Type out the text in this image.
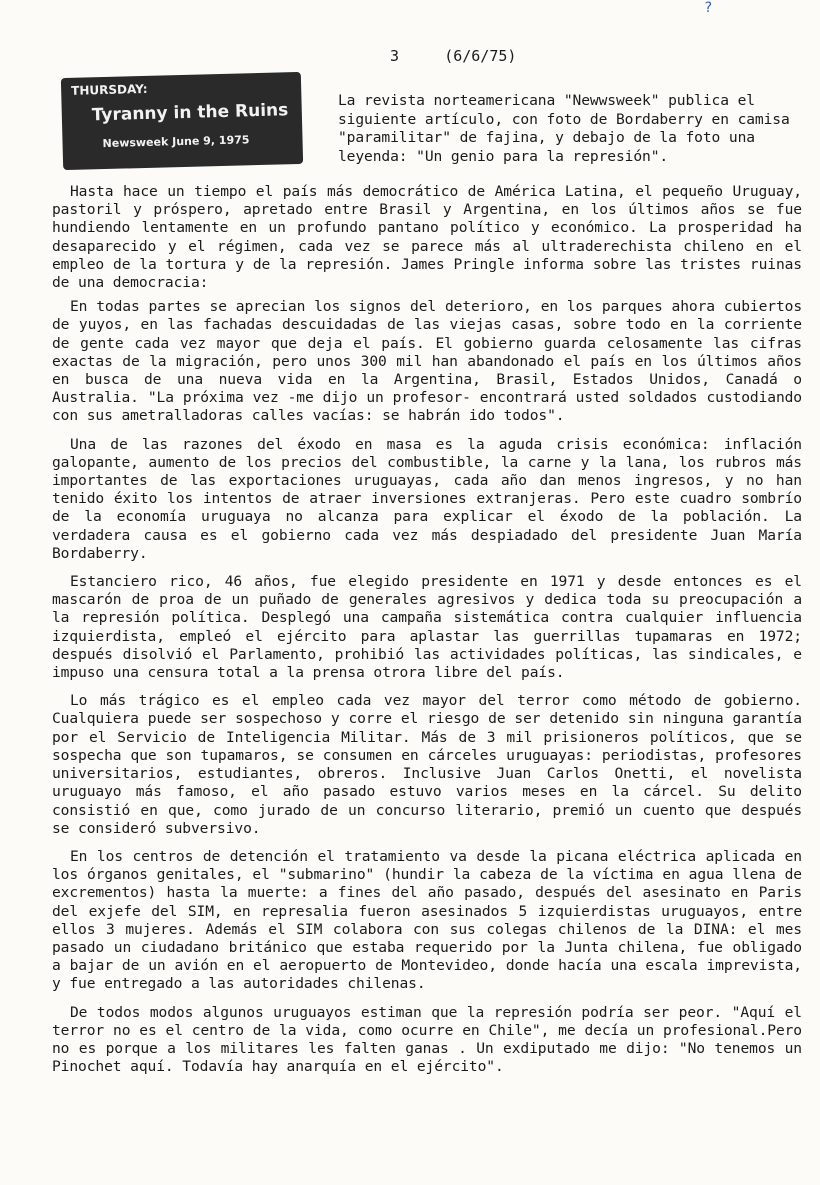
?
3	(6/6/75)
THURSDAY:
Tyranny in the Ruins
Newsweek June 9, 1975
La revista norteamericana "Newwsweek" publica el siguiente artículo, con foto de Bordaberry en camisa "paramilitar" de fajina, y debajo de la foto una leyenda: "Un genio para la represión".

Hasta hace un tiempo el país más democrático de América Latina, el pequeño Uruguay, pastoril y próspero, apretado entre Brasil y Argentina, en los últimos años se fue hundiendo lentamente en un profundo pantano político y económico. La prosperidad ha desaparecido y el régimen, cada vez se parece más al ultraderechista chileno en el empleo de la tortura y de la represión. James Pringle informa sobre las tristes ruinas de una democracia:

En todas partes se aprecian los signos del deterioro, en los parques ahora cubiertos de yuyos, en las fachadas descuidadas de las viejas casas, sobre todo en la corriente de gente cada vez mayor que deja el país. El gobierno guarda celosamente las cifras exactas de la migración, pero unos 300 mil han abandonado el país en los últimos años en busca de una nueva vida en la Argentina, Brasil, Estados Unidos, Canadá o Australia. "La próxima vez -me dijo un profesor- encontrará usted soldados custodiando con sus ametralladoras calles vacías: se habrán ido todos".

Una de las razones del éxodo en masa es la aguda crisis económica: inflación galopante, aumento de los precios del combustible, la carne y la lana, los rubros más importantes de las exportaciones uruguayas, cada año dan menos ingresos, y no han tenido éxito los intentos de atraer inversiones extranjeras. Pero este cuadro sombrío de la economía uruguaya no alcanza para explicar el éxodo de la población. La verdadera causa es el gobierno cada vez más despiadado del presidente Juan María Bordaberry.

Estanciero rico, 46 años, fue elegido presidente en 1971 y desde entonces es el mascarón de proa de un puñado de generales agresivos y dedica toda su preocupación a la represión política. Desplegó una campaña sistemática contra cualquier influencia izquierdista, empleó el ejército para aplastar las guerrillas tupamaras en 1972; después disolvió el Parlamento, prohibió las actividades políticas, las sindicales, e impuso una censura total a la prensa otrora libre del país.

Lo más trágico es el empleo cada vez mayor del terror como método de gobierno. Cualquiera puede ser sospechoso y corre el riesgo de ser detenido sin ninguna garantía por el Servicio de Inteligencia Militar. Más de 3 mil prisioneros políticos, que se sospecha que son tupamaros, se consumen en cárceles uruguayas: periodistas, profesores universitarios, estudiantes, obreros. Inclusive Juan Carlos Onetti, el novelista uruguayo más famoso, el año pasado estuvo varios meses en la cárcel. Su delito consistió en que, como jurado de un concurso literario, premió un cuento que después se consideró subversivo.

En los centros de detención el tratamiento va desde la picana eléctrica aplicada en los órganos genitales, el "submarino" (hundir la cabeza de la víctima en agua llena de excrementos) hasta la muerte: a fines del año pasado, después del asesinato en Paris del exjefe del SIM, en represalia fueron asesinados 5 izquierdistas uruguayos, entre ellos 3 mujeres. Además el SIM colabora con sus colegas chilenos de la DINA: el mes pasado un ciudadano británico que estaba requerido por la Junta chilena, fue obligado a bajar de un avión en el aeropuerto de Montevideo, donde hacía una escala imprevista, y fue entregado a las autoridades chilenas.

De todos modos algunos uruguayos estiman que la represión podría ser peor. "Aquí el terror no es el centro de la vida, como ocurre en Chile", me decía un profesional.Pero no es porque a los militares les falten ganas . Un exdiputado me dijo: "No tenemos un Pinochet aquí. Todavía hay anarquía en el ejército".
